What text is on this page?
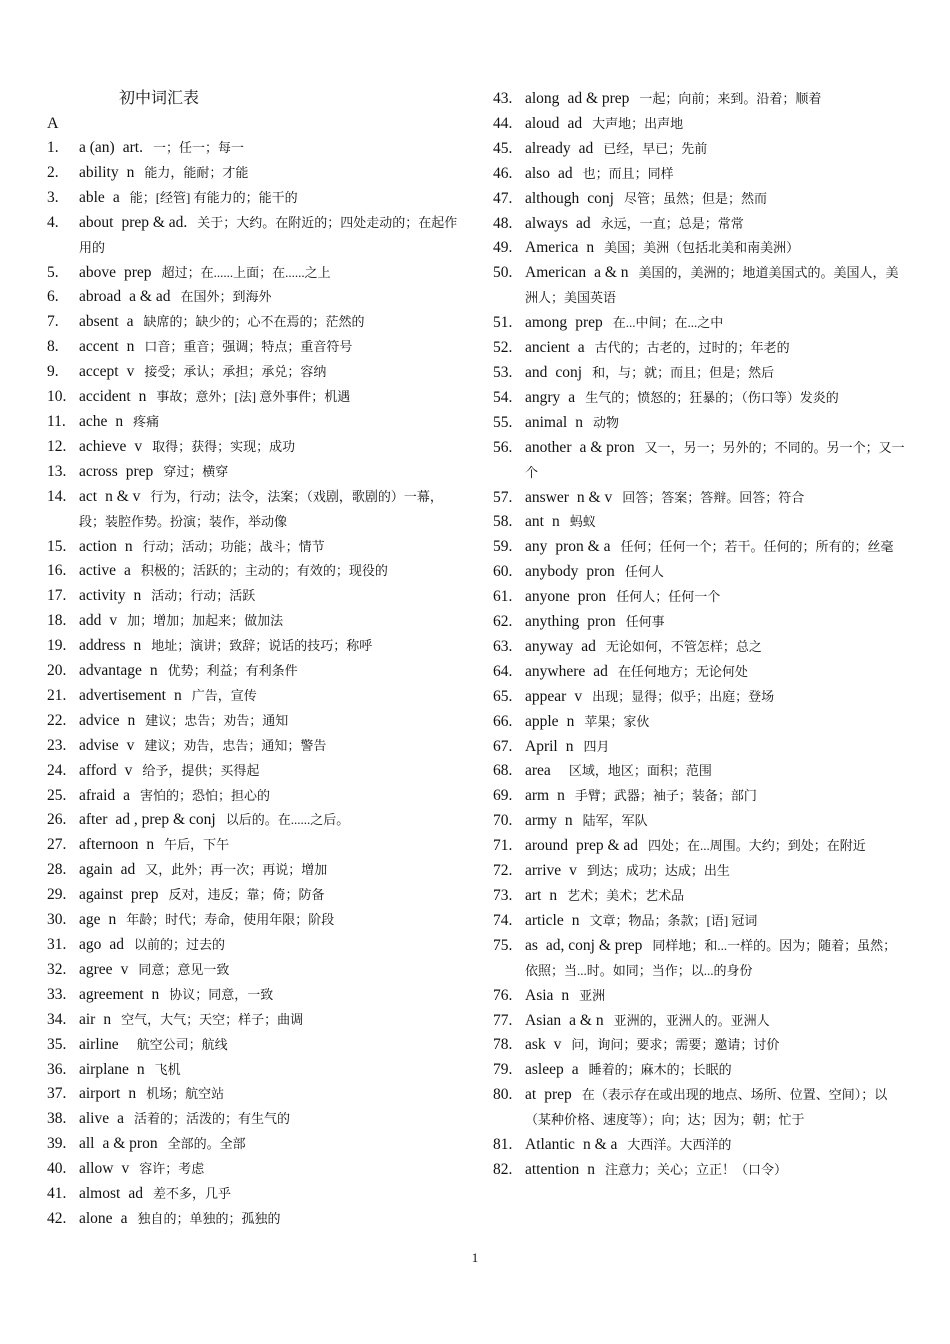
初中词汇表
A
1.	a (an) art. 一；任一；每一
2.	ability n 能力，能耐；才能
3.	able a 能；[经管] 有能力的；能干的
4.	about prep & ad. 关于；大约。在附近的；四处走动的；在起作用的
5.	above prep 超过；在......上面；在......之上
6.	abroad a & ad 在国外；到海外
7.	absent a 缺席的；缺少的；心不在焉的；茫然的
8.	accent n 口音；重音；强调；特点；重音符号
9.	accept v 接受；承认；承担；承兑；容纳
10. accident n 事故；意外；[法] 意外事件；机遇
11. ache n 疼痛
12. achieve v 取得；获得；实现；成功
13. across prep 穿过；横穿
14. act n & v 行为，行动；法令，法案；（戏剧，歌剧的）一幕，段；装腔作势。扮演；装作，举动像
15. action n 行动；活动；功能；战斗；情节
16. active a 积极的；活跃的；主动的；有效的；现役的
17. activity n 活动；行动；活跃
18. add v 加；增加；加起来；做加法
19. address n 地址；演讲；致辞；说话的技巧；称呼
20. advantage n 优势；利益；有利条件
21. advertisement n 广告，宣传
22. advice n 建议；忠告；劝告；通知
23. advise v 建议；劝告，忠告；通知；警告
24. afford v 给予，提供；买得起
25. afraid a 害怕的；恐怕；担心的
26. after ad , prep & conj 以后的。在......之后。
27. afternoon n 午后，下午
28. again ad 又，此外；再一次；再说；增加
29. against prep 反对，违反；靠；倚；防备
30. age n 年龄；时代；寿命，使用年限；阶段
31. ago ad 以前的；过去的
32. agree v 同意；意见一致
33. agreement n 协议；同意，一致
34. air n 空气，大气；天空；样子；曲调
35. airline 航空公司；航线
36. airplane n 飞机
37. airport n 机场；航空站
38. alive a 活着的；活泼的；有生气的
39. all a & pron 全部的。全部
40. allow v 容许；考虑
41. almost ad 差不多，几乎
42. alone a 独自的；单独的；孤独的
43. along ad & prep 一起；向前；来到。沿着；顺着
44. aloud ad 大声地；出声地
45. already ad 已经，早已；先前
46. also ad 也；而且；同样
47. although conj 尽管；虽然；但是；然而
48. always ad 永远，一直；总是；常常
49. America n 美国；美洲（包括北美和南美洲）
50. American a & n 美国的，美洲的；地道美国式的。美国人，美洲人；美国英语
51. among prep 在...中间；在...之中
52. ancient a 古代的；古老的，过时的；年老的
53. and conj 和，与；就；而且；但是；然后
54. angry a 生气的；愤怒的；狂暴的；（伤口等）发炎的
55. animal n 动物
56. another a & pron 又一，另一；另外的；不同的。另一个；又一个
57. answer n & v 回答；答案；答辩。回答；符合
58. ant n 蚂蚁
59. any pron & a 任何；任何一个；若干。任何的；所有的；丝毫
60. anybody pron 任何人
61. anyone pron 任何人；任何一个
62. anything pron 任何事
63. anyway ad 无论如何，不管怎样；总之
64. anywhere ad 在任何地方；无论何处
65. appear v 出现；显得；似乎；出庭；登场
66. apple n 苹果；家伙
67. April n 四月
68. area 区域，地区；面积；范围
69. arm n 手臂；武器；袖子；装备；部门
70. army n 陆军，军队
71. around prep & ad 四处；在...周围。大约；到处；在附近
72. arrive v 到达；成功；达成；出生
73. art n 艺术；美术；艺术品
74. article n 文章；物品；条款；[语] 冠词
75. as ad, conj & prep 同样地；和...一样的。因为；随着；虽然；依照；当...时。如同；当作；以...的身份
76. Asia n 亚洲
77. Asian a & n 亚洲的，亚洲人的。亚洲人
78. ask v 问，询问；要求；需要；邀请；讨价
79. asleep a 睡着的；麻木的；长眠的
80. at prep 在（表示存在或出现的地点、场所、位置、空间）；以（某种价格、速度等）；向；达；因为；朝；忙于
81. Atlantic n & a 大西洋。大西洋的
82. attention n 注意力；关心；立正！（口令）
1
